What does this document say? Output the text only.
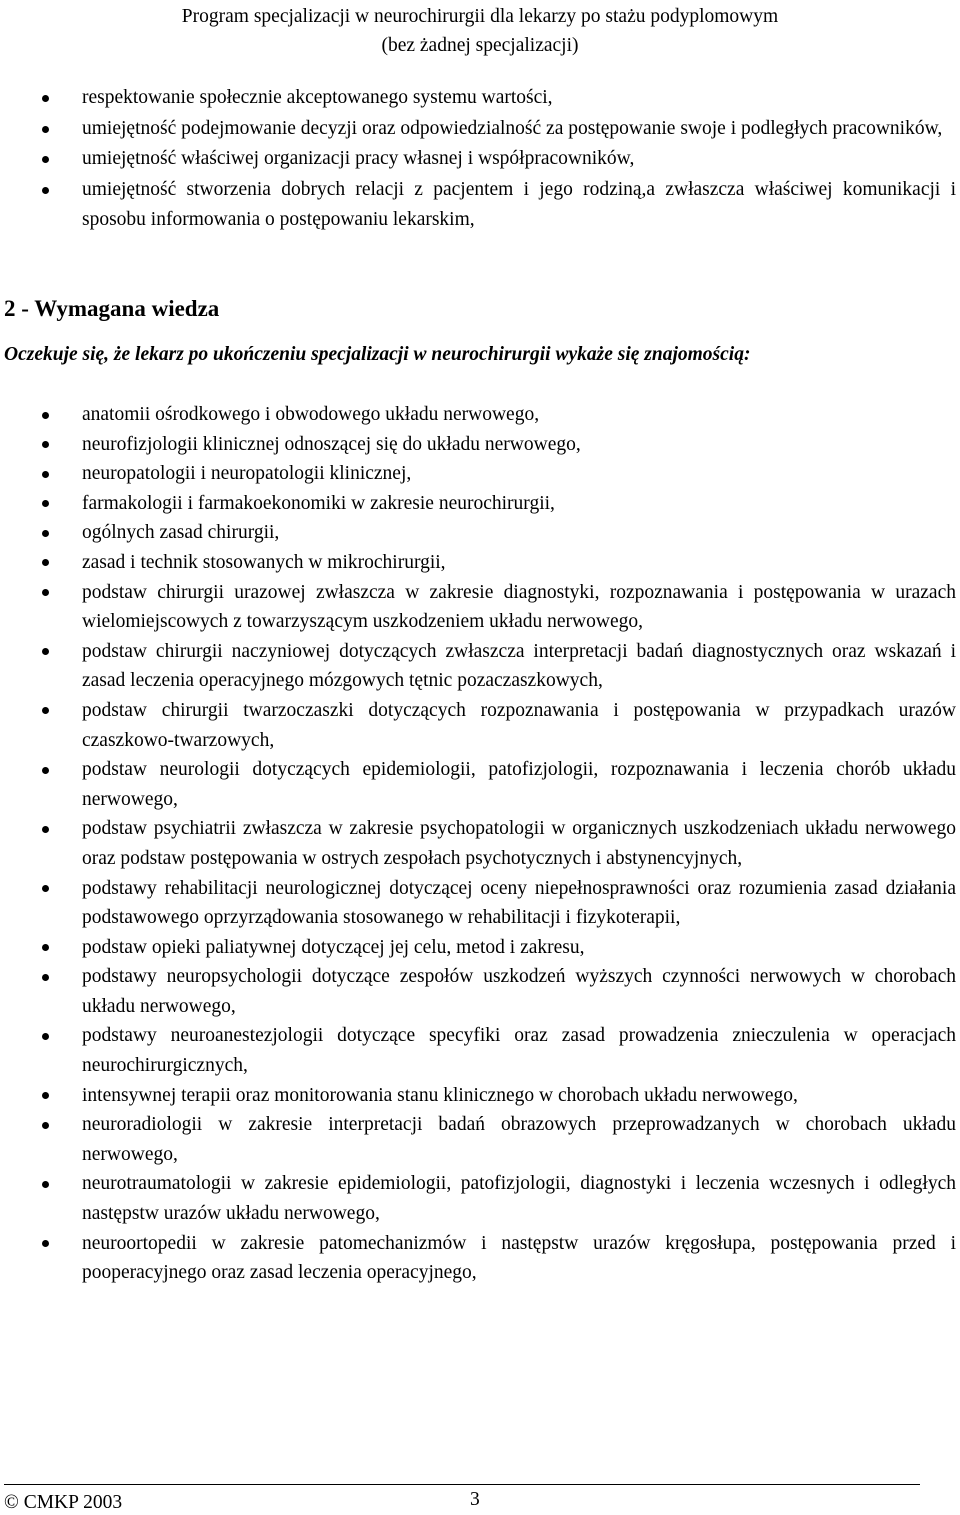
Program specjalizacji w neurochirurgii dla lekarzy po stażu podyplomowym
(bez żadnej specjalizacji)
respektowanie społecznie akceptowanego systemu wartości,
umiejętność podejmowanie decyzji oraz odpowiedzialność za postępowanie swoje i podległych pracowników,
umiejętność właściwej organizacji pracy własnej i współpracowników,
umiejętność stworzenia dobrych relacji z pacjentem i jego rodziną,a zwłaszcza właściwej komunikacji i sposobu informowania o postępowaniu lekarskim,
2 - Wymagana wiedza

Oczekuje się, że lekarz po ukończeniu specjalizacji w neurochirurgii wykaże się znajomością:

anatomii ośrodkowego i obwodowego układu nerwowego,
neurofizjologii klinicznej odnoszącej się do układu nerwowego,
neuropatologii i neuropatologii klinicznej,
farmakologii i farmakoekonomiki w zakresie neurochirurgii,
ogólnych zasad chirurgii,
zasad i technik stosowanych w mikrochirurgii,
podstaw chirurgii urazowej zwłaszcza w zakresie diagnostyki, rozpoznawania i postępowania w urazach wielomiejscowych z towarzyszącym uszkodzeniem układu nerwowego,
podstaw chirurgii naczyniowej dotyczących zwłaszcza interpretacji badań diagnostycznych oraz wskazań i zasad leczenia operacyjnego mózgowych tętnic pozaczaszkowych,
podstaw chirurgii twarzoczaszki dotyczących rozpoznawania i postępowania w przypadkach urazów czaszkowo-twarzowych,
podstaw neurologii dotyczących epidemiologii, patofizjologii, rozpoznawania i leczenia chorób układu nerwowego,
podstaw psychiatrii zwłaszcza w zakresie psychopatologii w organicznych uszkodzeniach układu nerwowego oraz podstaw postępowania w ostrych zespołach psychotycznych i abstynencyjnych,
podstawy rehabilitacji neurologicznej dotyczącej oceny niepełnosprawności oraz rozumienia zasad działania podstawowego oprzyrządowania stosowanego w rehabilitacji i fizykoterapii,
podstaw opieki paliatywnej dotyczącej jej celu, metod i zakresu,
podstawy neuropsychologii dotyczące zespołów uszkodzeń wyższych czynności nerwowych w chorobach układu nerwowego,
podstawy neuroanestezjologii dotyczące specyfiki oraz zasad prowadzenia znieczulenia w operacjach neurochirurgicznych,
intensywnej terapii oraz monitorowania stanu klinicznego w chorobach układu nerwowego,
neuroradiologii w zakresie interpretacji badań obrazowych przeprowadzanych w chorobach układu nerwowego,
neurotraumatologii w zakresie epidemiologii, patofizjologii, diagnostyki i leczenia wczesnych i odległych następstw urazów układu nerwowego,
neuroortopedii w zakresie patomechanizmów i następstw urazów kręgosłupa, postępowania przed i pooperacyjnego oraz zasad leczenia operacyjnego,
© CMKP 2003	3
